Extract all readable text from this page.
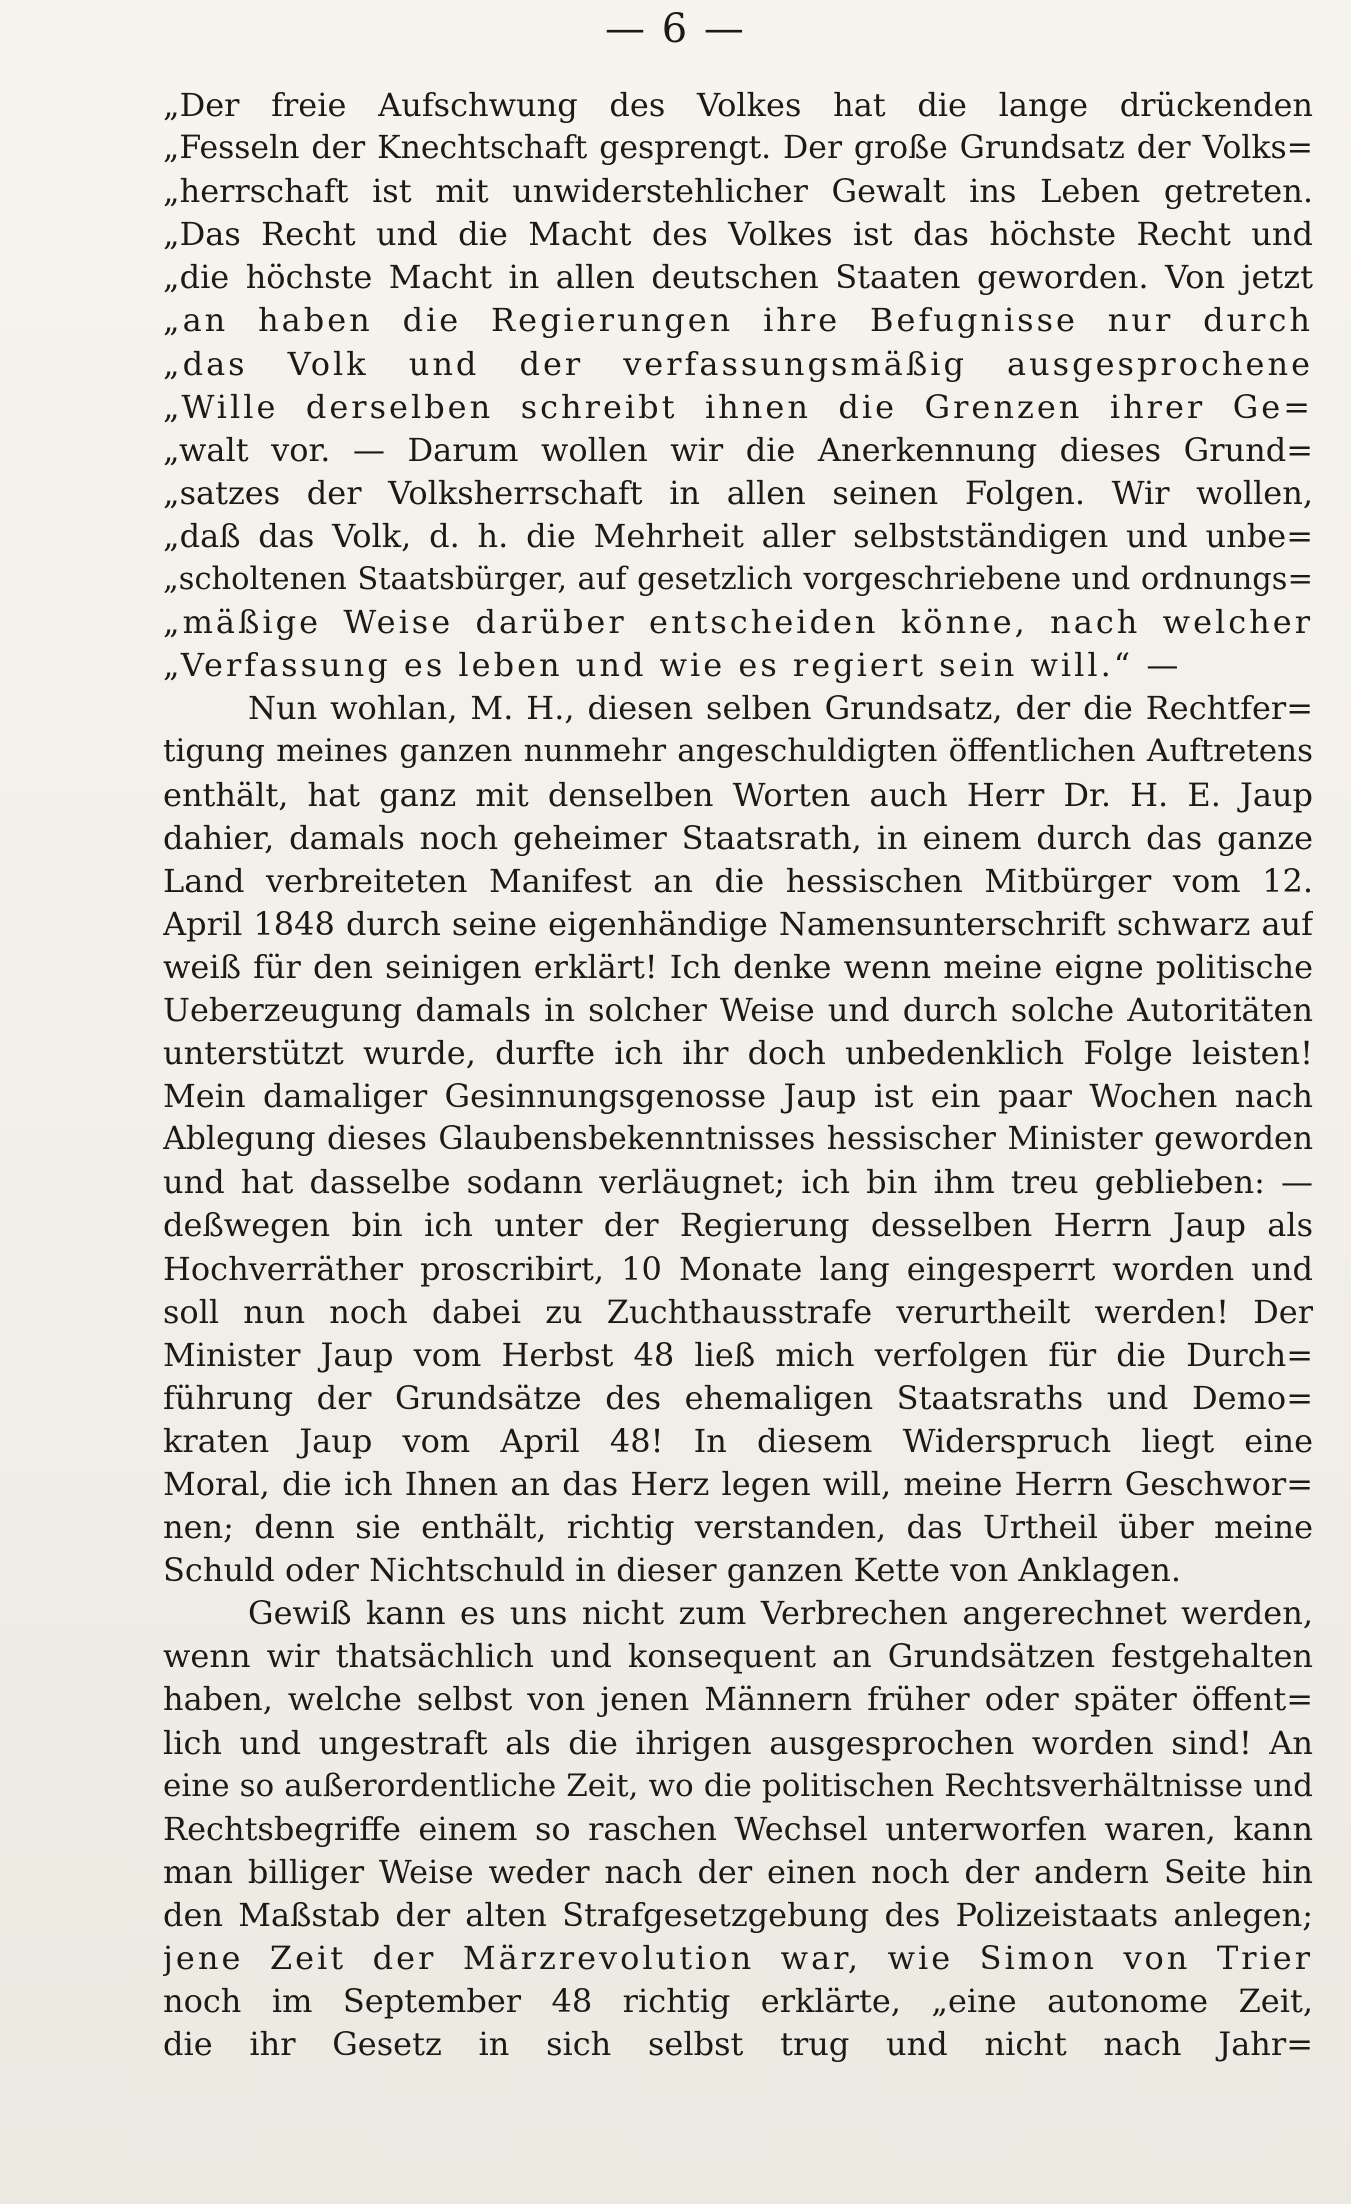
— 6 —
„Der freie Aufschwung des Volkes hat die lange drückenden
„Fesseln der Knechtschaft gesprengt. Der große Grundsatz der Volks=
„herrschaft ist mit unwiderstehlicher Gewalt ins Leben getreten.
„Das Recht und die Macht des Volkes ist das höchste Recht und
„die höchste Macht in allen deutschen Staaten geworden. Von jetzt
„an haben die Regierungen ihre Befugnisse nur durch
„das Volk und der verfassungsmäßig ausgesprochene
„Wille derselben schreibt ihnen die Grenzen ihrer Ge=
„walt vor. — Darum wollen wir die Anerkennung dieses Grund=
„satzes der Volksherrschaft in allen seinen Folgen. Wir wollen,
„daß das Volk, d. h. die Mehrheit aller selbstständigen und unbe=
„scholtenen Staatsbürger, auf gesetzlich vorgeschriebene und ordnungs=
„mäßige Weise darüber entscheiden könne, nach welcher
„Verfassung es leben und wie es regiert sein will.“ —
Nun wohlan, M. H., diesen selben Grundsatz, der die Rechtfer=
tigung meines ganzen nunmehr angeschuldigten öffentlichen Auftretens
enthält, hat ganz mit denselben Worten auch Herr Dr. H. E. Jaup
dahier, damals noch geheimer Staatsrath, in einem durch das ganze
Land verbreiteten Manifest an die hessischen Mitbürger vom 12.
April 1848 durch seine eigenhändige Namensunterschrift schwarz auf
weiß für den seinigen erklärt! Ich denke wenn meine eigne politische
Ueberzeugung damals in solcher Weise und durch solche Autoritäten
unterstützt wurde, durfte ich ihr doch unbedenklich Folge leisten!
Mein damaliger Gesinnungsgenosse Jaup ist ein paar Wochen nach
Ablegung dieses Glaubensbekenntnisses hessischer Minister geworden
und hat dasselbe sodann verläugnet; ich bin ihm treu geblieben: —
deßwegen bin ich unter der Regierung desselben Herrn Jaup als
Hochverräther proscribirt, 10 Monate lang eingesperrt worden und
soll nun noch dabei zu Zuchthausstrafe verurtheilt werden! Der
Minister Jaup vom Herbst 48 ließ mich verfolgen für die Durch=
führung der Grundsätze des ehemaligen Staatsraths und Demo=
kraten Jaup vom April 48! In diesem Widerspruch liegt eine
Moral, die ich Ihnen an das Herz legen will, meine Herrn Geschwor=
nen; denn sie enthält, richtig verstanden, das Urtheil über meine
Schuld oder Nichtschuld in dieser ganzen Kette von Anklagen.
Gewiß kann es uns nicht zum Verbrechen angerechnet werden,
wenn wir thatsächlich und konsequent an Grundsätzen festgehalten
haben, welche selbst von jenen Männern früher oder später öffent=
lich und ungestraft als die ihrigen ausgesprochen worden sind! An
eine so außerordentliche Zeit, wo die politischen Rechtsverhältnisse und
Rechtsbegriffe einem so raschen Wechsel unterworfen waren, kann
man billiger Weise weder nach der einen noch der andern Seite hin
den Maßstab der alten Strafgesetzgebung des Polizeistaats anlegen;
jene Zeit der Märzrevolution war, wie Simon von Trier
noch im September 48 richtig erklärte, „eine autonome Zeit,
die ihr Gesetz in sich selbst trug und nicht nach Jahr=
